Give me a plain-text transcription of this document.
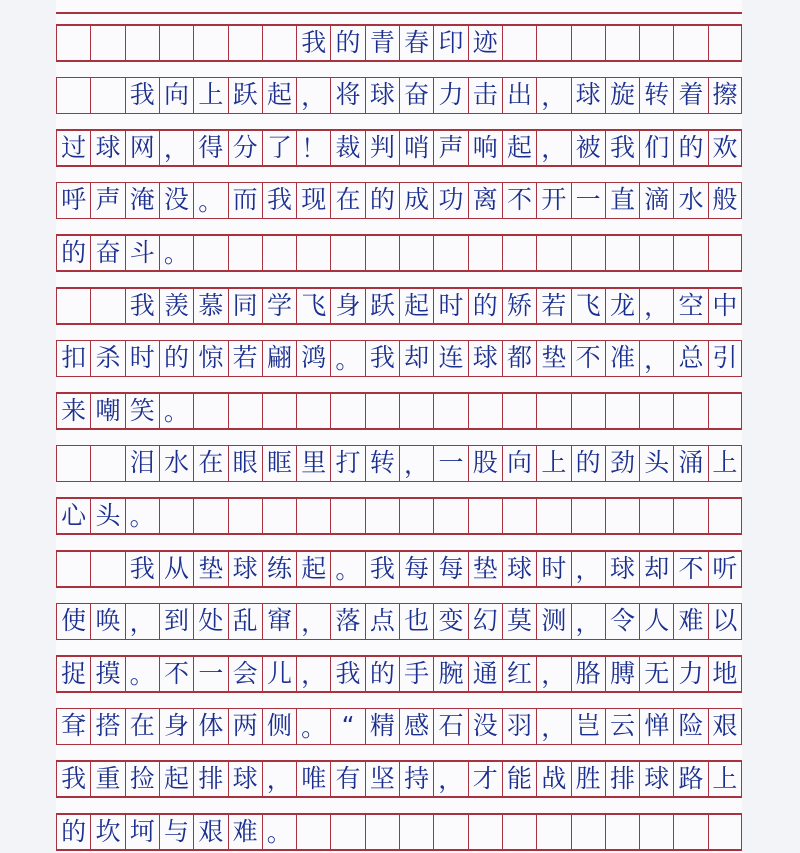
我 的 青 春 印 迹
我 向 上 跃 起 ， 将 球 奋 力 击 出 ， 球 旋 转 着 擦
过 球 网 ， 得 分 了 ！ 裁 判 哨 声 响 起 ， 被 我 们 的 欢
呼 声 淹 没 。 而 我 现 在 的 成 功 离 不 开 一 直 滴 水 般
的 奋 斗 。
我 羡 慕 同 学 飞 身 跃 起 时 的 矫 若 飞 龙 ， 空 中
扣 杀 时 的 惊 若 翩 鸿 。 我 却 连 球 都 垫 不 准 ， 总 引
来 嘲 笑 。
泪 水 在 眼 眶 里 打 转 ， 一 股 向 上 的 劲 头 涌 上
心 头 。
我 从 垫 球 练 起 。 我 每 每 垫 球 时 ， 球 却 不 听
使 唤 ， 到 处 乱 窜 ， 落 点 也 变 幻 莫 测 ， 令 人 难 以
捉 摸 。 不 一 会 儿 ， 我 的 手 腕 通 红 ， 胳 膊 无 力 地
耷 搭 在 身 体 两 侧 。 “ 精 感 石 没 羽 ， 岂 云 惮 险 艰
我 重 捡 起 排 球 ， 唯 有 坚 持 ， 才 能 战 胜 排 球 路 上
的 坎 坷 与 艰 难 。
